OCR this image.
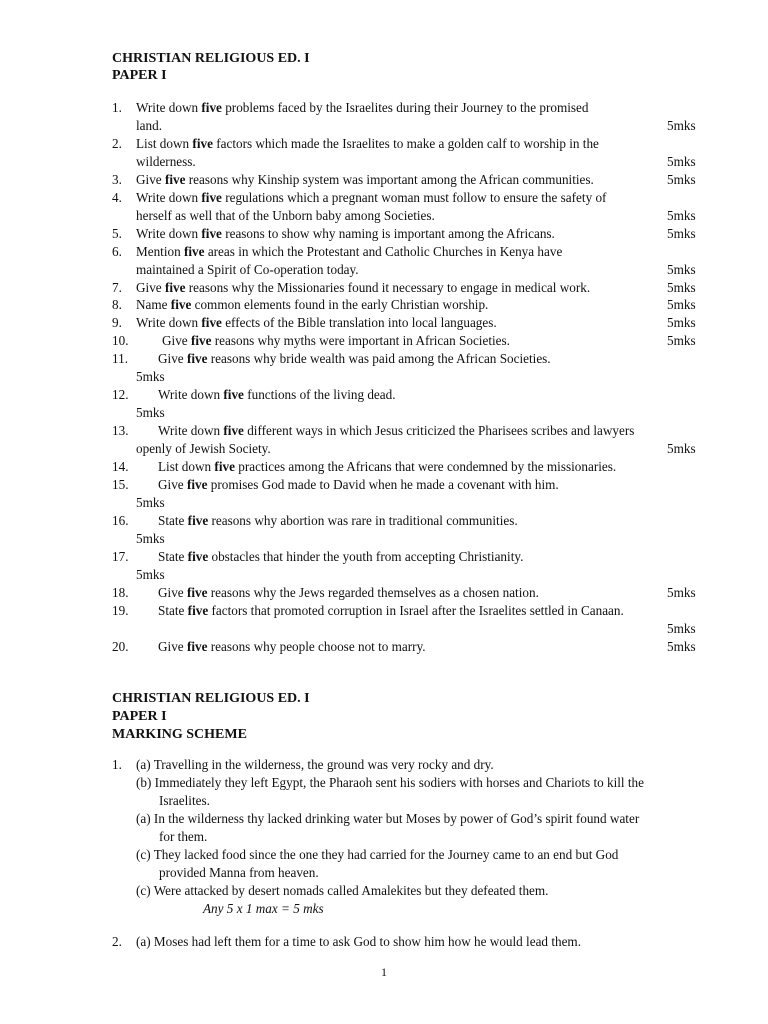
CHRISTIAN RELIGIOUS ED. I
PAPER I
1. Write down five problems faced by the Israelites during their Journey to the promised
land.	5mks
2. List down five factors which made the Israelites to make a golden calf to worship in the
wilderness.	5mks
3. Give five reasons why Kinship system was important among the African communities.	5mks
4. Write down five regulations which a pregnant woman must follow to ensure the safety of
herself as well that of the Unborn baby among Societies.	5mks
5. Write down five reasons to show why naming is important among the Africans.	5mks
6. Mention five areas in which the Protestant and Catholic Churches in Kenya have
maintained a Spirit of Co-operation today.	5mks
7. Give five reasons why the Missionaries found it necessary to engage in medical work.	5mks
8. Name five common elements found in the early Christian worship.	5mks
9. Write down five effects of the Bible translation into local languages.	5mks
10.	Give five reasons why myths were important in African Societies.	5mks
11. Give five reasons why bride wealth was paid among the African Societies.
5mks
12. Write down five functions of the living dead.
5mks
13. Write down five different ways in which Jesus criticized the Pharisees scribes and lawyers
openly of Jewish Society.	5mks
14. List down five practices among the Africans that were condemned by the missionaries.
15. Give five promises God made to David when he made a covenant with him.
5mks
16. State five reasons why abortion was rare in traditional communities.
5mks
17. State five obstacles that hinder the youth from accepting Christianity.
5mks
18. Give five reasons why the Jews regarded themselves as a chosen nation.	5mks
19. State five factors that promoted corruption in Israel after the Israelites settled in Canaan.
5mks
20. Give five reasons why people choose not to marry.	5mks
CHRISTIAN RELIGIOUS ED. I
PAPER I
MARKING SCHEME
1. (a) Travelling in the wilderness, the ground was very rocky and dry.
(b) Immediately they left Egypt, the Pharaoh sent his sodiers with horses and Chariots to kill the
Israelites.
(a) In the wilderness thy lacked drinking water but Moses by power of God’s spirit found water
for them.
(c) They lacked food since the one they had carried for the Journey came to an end but God
provided Manna from heaven.
(c) Were attacked by desert nomads called Amalekites but they defeated them.
Any 5 x 1 max = 5 mks
2. (a) Moses had left them for a time to ask God to show him how he would lead them.
1
